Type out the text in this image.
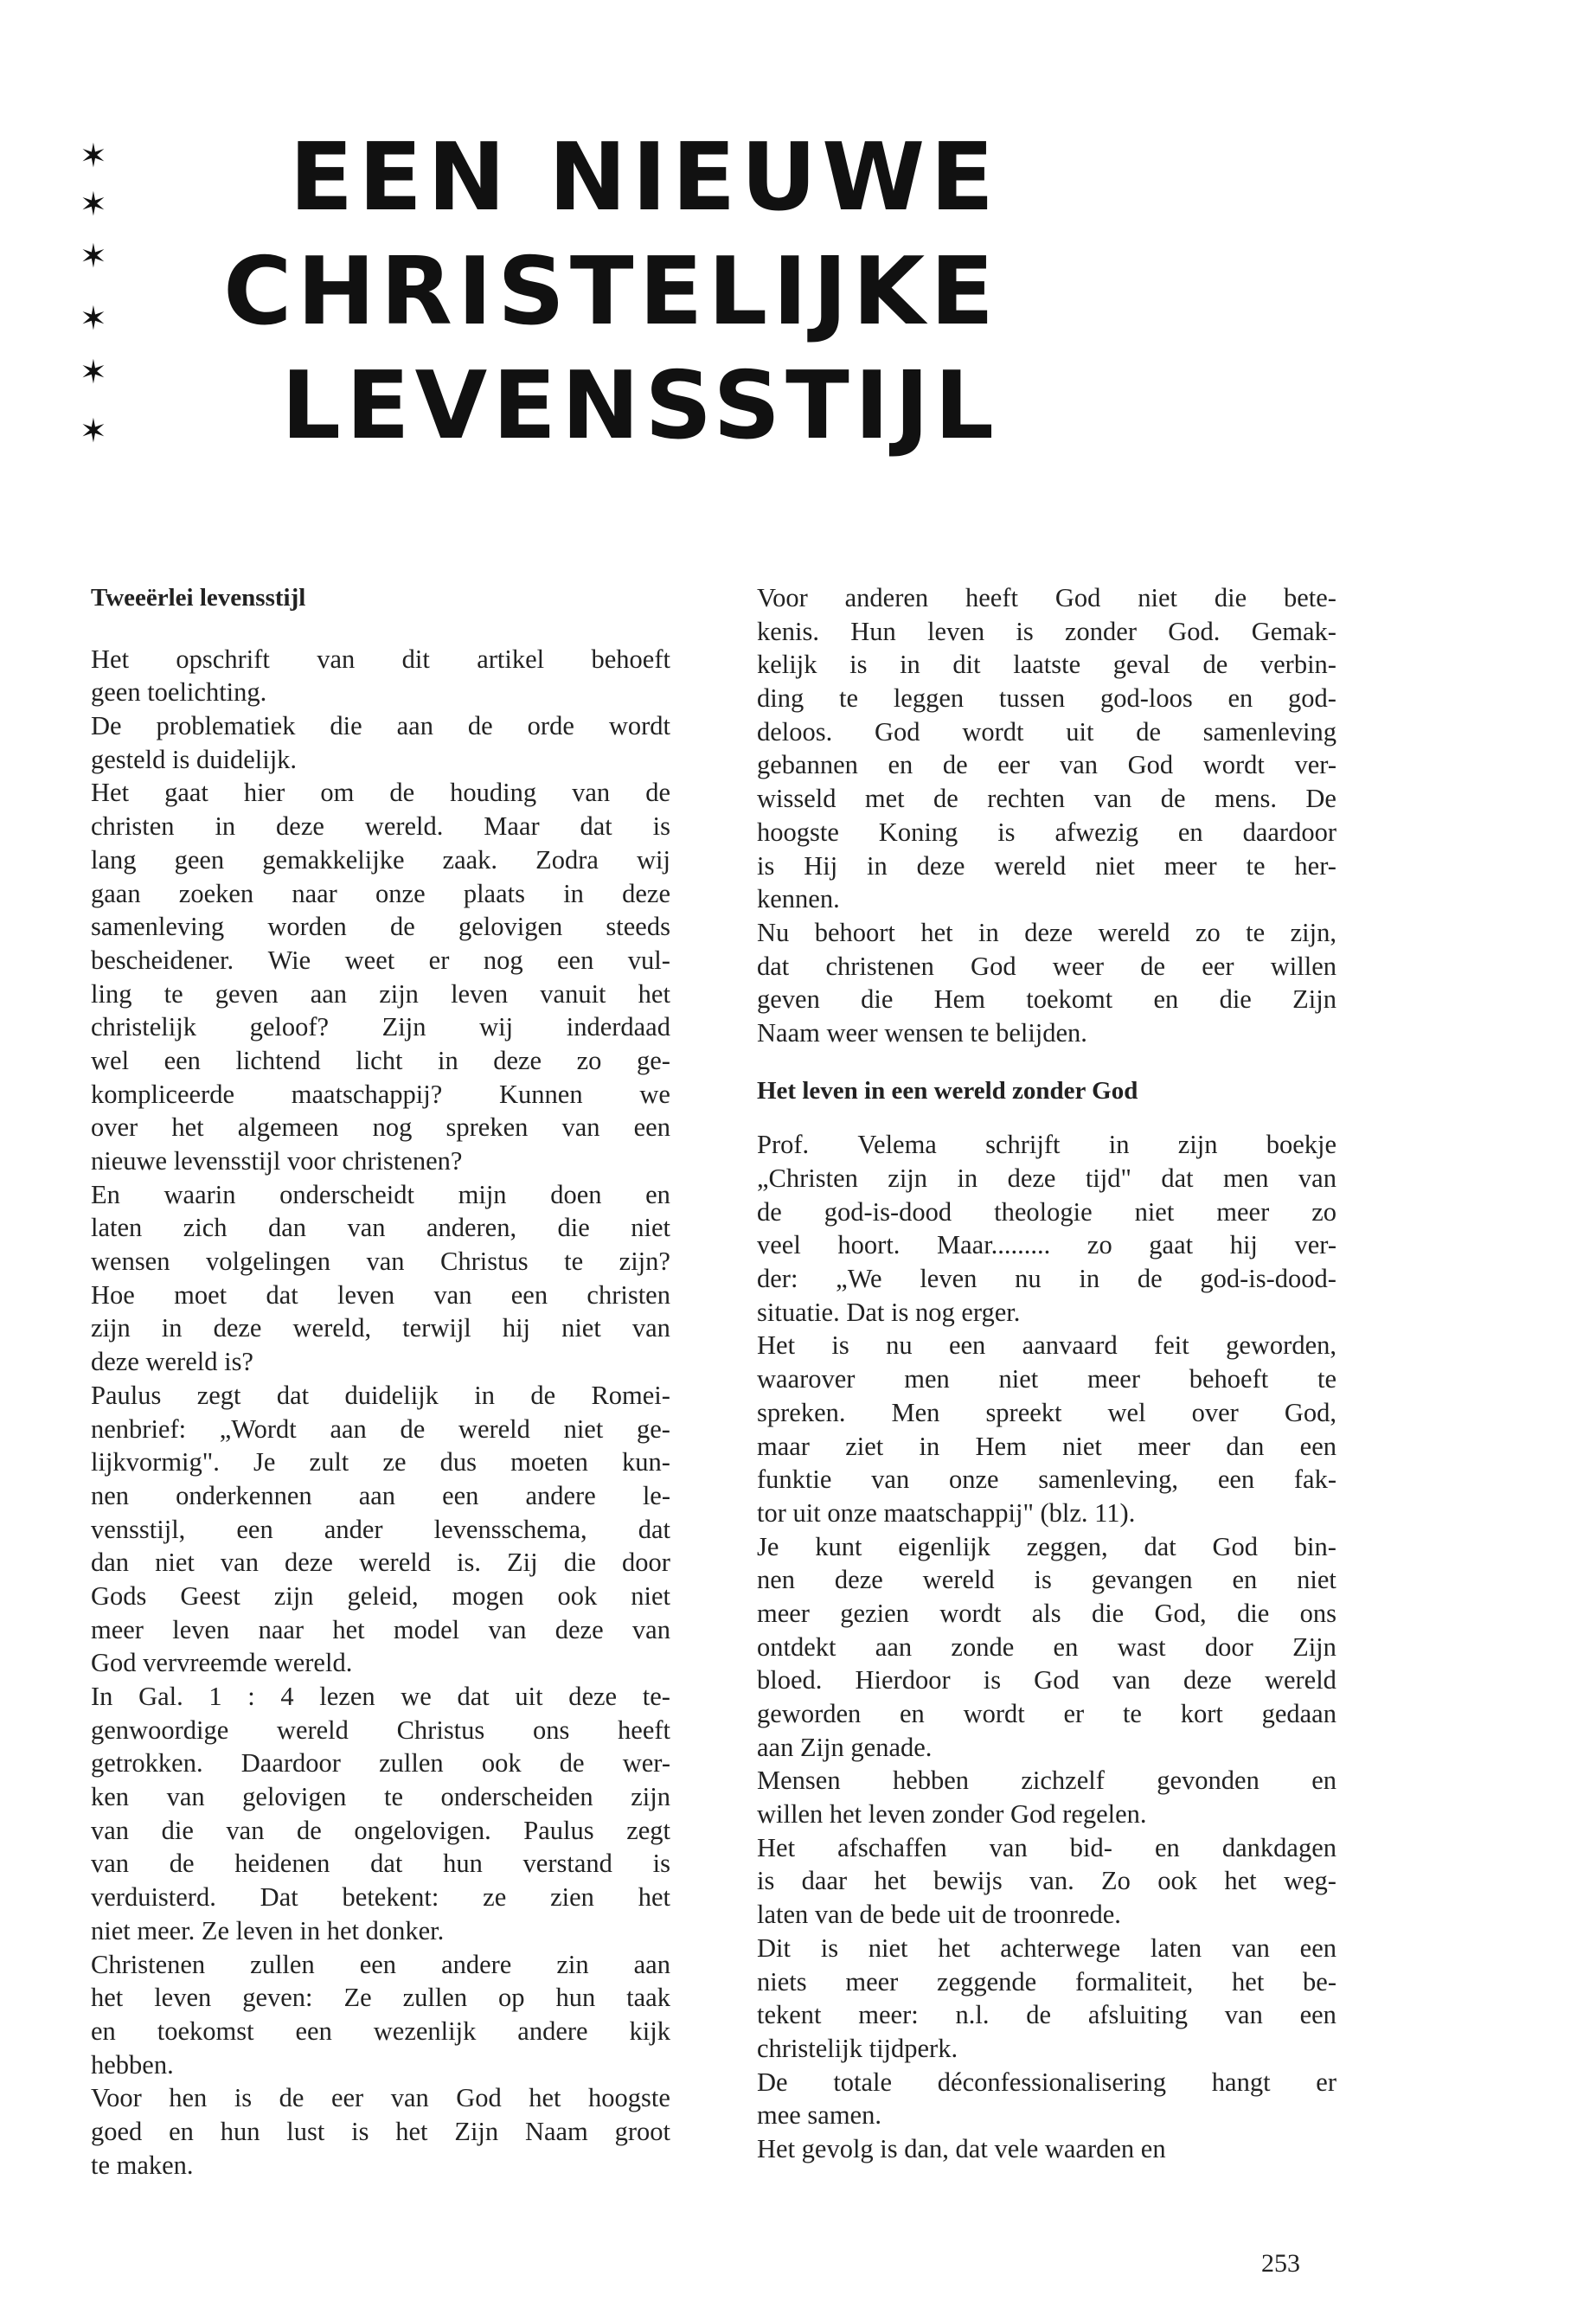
✶
✶
✶
✶
✶
✶
EEN NIEUWE
CHRISTELIJKE
LEVENSSTIJL
Tweeërlei levensstijl
Het opschrift van dit artikel behoeft
geen toelichting.
De problematiek die aan de orde wordt
gesteld is duidelijk.
Het gaat hier om de houding van de
christen in deze wereld. Maar dat is
lang geen gemakkelijke zaak. Zodra wij
gaan zoeken naar onze plaats in deze
samenleving worden de gelovigen steeds
bescheidener. Wie weet er nog een vul-
ling te geven aan zijn leven vanuit het
christelijk geloof? Zijn wij inderdaad
wel een lichtend licht in deze zo ge-
kompliceerde maatschappij? Kunnen we
over het algemeen nog spreken van een
nieuwe levensstijl voor christenen?
En waarin onderscheidt mijn doen en
laten zich dan van anderen, die niet
wensen volgelingen van Christus te zijn?
Hoe moet dat leven van een christen
zijn in deze wereld, terwijl hij niet van
deze wereld is?
Paulus zegt dat duidelijk in de Romei-
nenbrief: „Wordt aan de wereld niet ge-
lijkvormig". Je zult ze dus moeten kun-
nen onderkennen aan een andere le-
vensstijl, een ander levensschema, dat
dan niet van deze wereld is. Zij die door
Gods Geest zijn geleid, mogen ook niet
meer leven naar het model van deze van
God vervreemde wereld.
In Gal. 1 : 4 lezen we dat uit deze te-
genwoordige wereld Christus ons heeft
getrokken. Daardoor zullen ook de wer-
ken van gelovigen te onderscheiden zijn
van die van de ongelovigen. Paulus zegt
van de heidenen dat hun verstand is
verduisterd. Dat betekent: ze zien het
niet meer. Ze leven in het donker.
Christenen zullen een andere zin aan
het leven geven: Ze zullen op hun taak
en toekomst een wezenlijk andere kijk
hebben.
Voor hen is de eer van God het hoogste
goed en hun lust is het Zijn Naam groot
te maken.
Voor anderen heeft God niet die bete-
kenis. Hun leven is zonder God. Gemak-
kelijk is in dit laatste geval de verbin-
ding te leggen tussen god-loos en god-
deloos. God wordt uit de samenleving
gebannen en de eer van God wordt ver-
wisseld met de rechten van de mens. De
hoogste Koning is afwezig en daardoor
is Hij in deze wereld niet meer te her-
kennen.
Nu behoort het in deze wereld zo te zijn,
dat christenen God weer de eer willen
geven die Hem toekomt en die Zijn
Naam weer wensen te belijden.
Het leven in een wereld zonder God
Prof. Velema schrijft in zijn boekje
„Christen zijn in deze tijd" dat men van
de god-is-dood theologie niet meer zo
veel hoort. Maar......... zo gaat hij ver-
der: „We leven nu in de god-is-dood-
situatie. Dat is nog erger.
Het is nu een aanvaard feit geworden,
waarover men niet meer behoeft te
spreken. Men spreekt wel over God,
maar ziet in Hem niet meer dan een
funktie van onze samenleving, een fak-
tor uit onze maatschappij" (blz. 11).
Je kunt eigenlijk zeggen, dat God bin-
nen deze wereld is gevangen en niet
meer gezien wordt als die God, die ons
ontdekt aan zonde en wast door Zijn
bloed. Hierdoor is God van deze wereld
geworden en wordt er te kort gedaan
aan Zijn genade.
Mensen hebben zichzelf gevonden en
willen het leven zonder God regelen.
Het afschaffen van bid- en dankdagen
is daar het bewijs van. Zo ook het weg-
laten van de bede uit de troonrede.
Dit is niet het achterwege laten van een
niets meer zeggende formaliteit, het be-
tekent meer: n.l. de afsluiting van een
christelijk tijdperk.
De totale déconfessionalisering hangt er
mee samen.
Het gevolg is dan, dat vele waarden en
253
